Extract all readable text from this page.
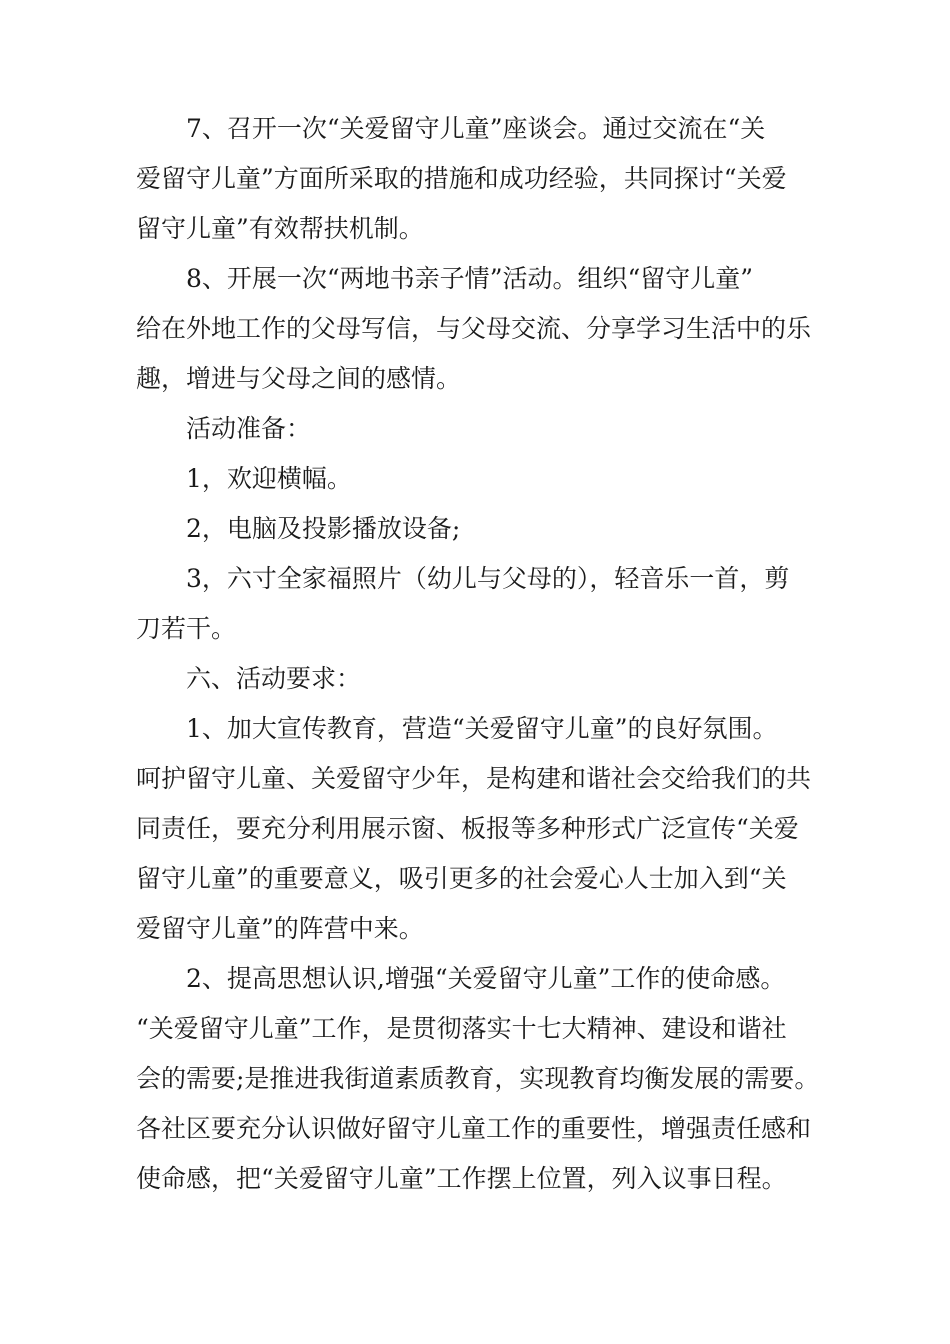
7、召开一次“关爱留守儿童”座谈会。通过交流在“关
爱留守儿童”方面所采取的措施和成功经验，共同探讨“关爱
留守儿童”有效帮扶机制。

8、开展一次“两地书亲子情”活动。组织“留守儿童”
给在外地工作的父母写信，与父母交流、分享学习生活中的乐
趣，增进与父母之间的感情。

活动准备：

1，欢迎横幅。

2，电脑及投影播放设备;

3，六寸全家福照片（幼儿与父母的），轻音乐一首，剪
刀若干。

六、活动要求：

1、加大宣传教育，营造“关爱留守儿童”的良好氛围。
呵护留守儿童、关爱留守少年，是构建和谐社会交给我们的共
同责任，要充分利用展示窗、板报等多种形式广泛宣传“关爱
留守儿童”的重要意义，吸引更多的社会爱心人士加入到“关
爱留守儿童”的阵营中来。

2、提高思想认识,增强“关爱留守儿童”工作的使命感。
“关爱留守儿童”工作，是贯彻落实十七大精神、建设和谐社
会的需要;是推进我街道素质教育，实现教育均衡发展的需要。
各社区要充分认识做好留守儿童工作的重要性，增强责任感和
使命感，把“关爱留守儿童”工作摆上位置，列入议事日程。
